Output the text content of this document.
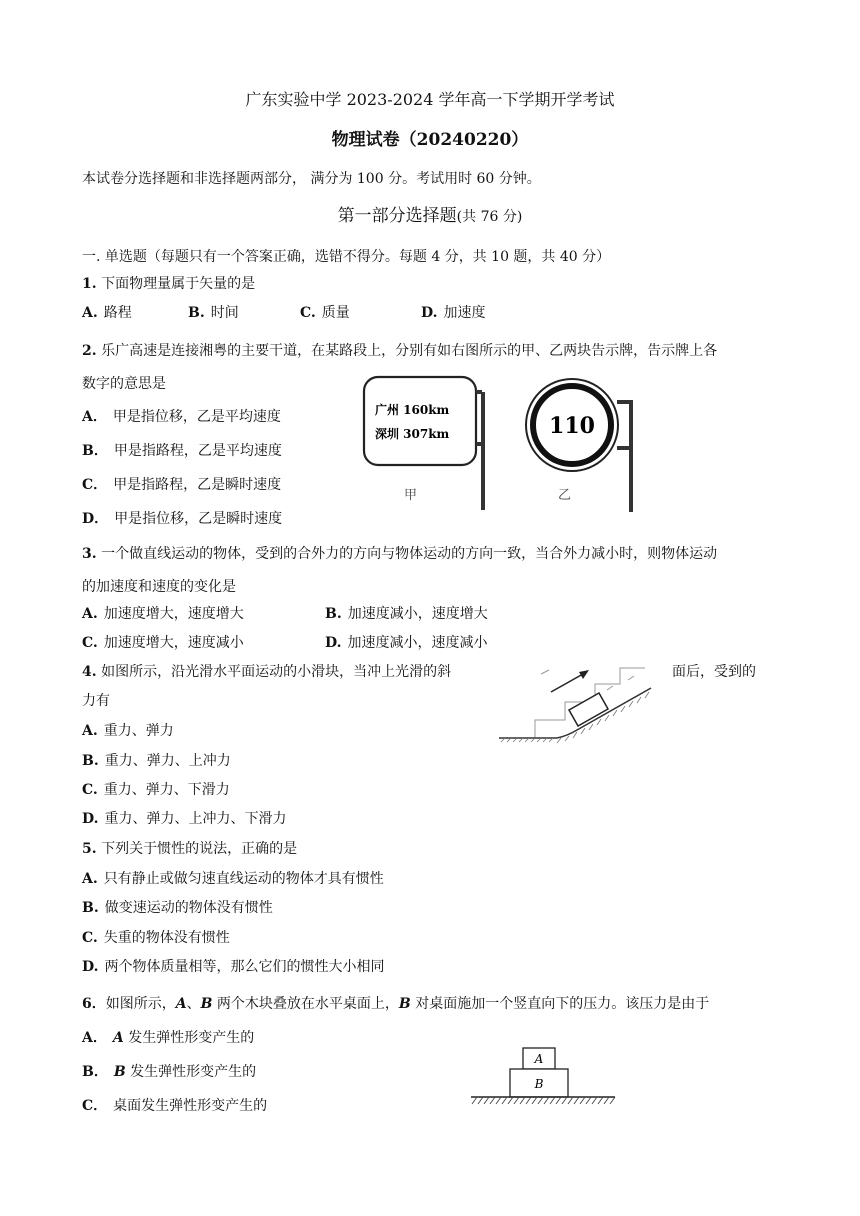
广东实验中学 2023-2024 学年高一下学期开学考试
物理试卷（20240220）
本试卷分选择题和非选择题两部分， 满分为 100 分。考试用时 60 分钟。
第一部分选择题(共 76 分)
一. 单选题（每题只有一个答案正确，选错不得分。每题 4 分，共 10 题，共 40 分）
1. 下面物理量属于矢量的是
A. 路程	B. 时间	C. 质量	D. 加速度
2. 乐广高速是连接湘粤的主要干道，在某路段上，分别有如右图所示的甲、乙两块告示牌，告示牌上各
数字的意思是
A． 甲是指位移，乙是平均速度
B． 甲是指路程，乙是平均速度
C． 甲是指路程，乙是瞬时速度
D． 甲是指位移，乙是瞬时速度
广州 160km
深圳 307km
甲
110
乙
3. 一个做直线运动的物体，受到的合外力的方向与物体运动的方向一致，当合外力减小时，则物体运动
的加速度和速度的变化是
A. 加速度增大，速度增大	B. 加速度减小，速度增大
C. 加速度增大，速度减小	D. 加速度减小，速度减小
4. 如图所示，沿光滑水平面运动的小滑块，当冲上光滑的斜	面后，受到的
力有
A. 重力、弹力
B. 重力、弹力、上冲力
C. 重力、弹力、下滑力
D. 重力、弹力、上冲力、下滑力
5. 下列关于惯性的说法，正确的是
A. 只有静止或做匀速直线运动的物体才具有惯性
B. 做变速运动的物体没有惯性
C. 失重的物体没有惯性
D. 两个物体质量相等，那么它们的惯性大小相同
6．如图所示，A、B 两个木块叠放在水平桌面上，B 对桌面施加一个竖直向下的压力。该压力是由于
A． A 发生弹性形变产生的
B． B 发生弹性形变产生的
C． 桌面发生弹性形变产生的
A
B
